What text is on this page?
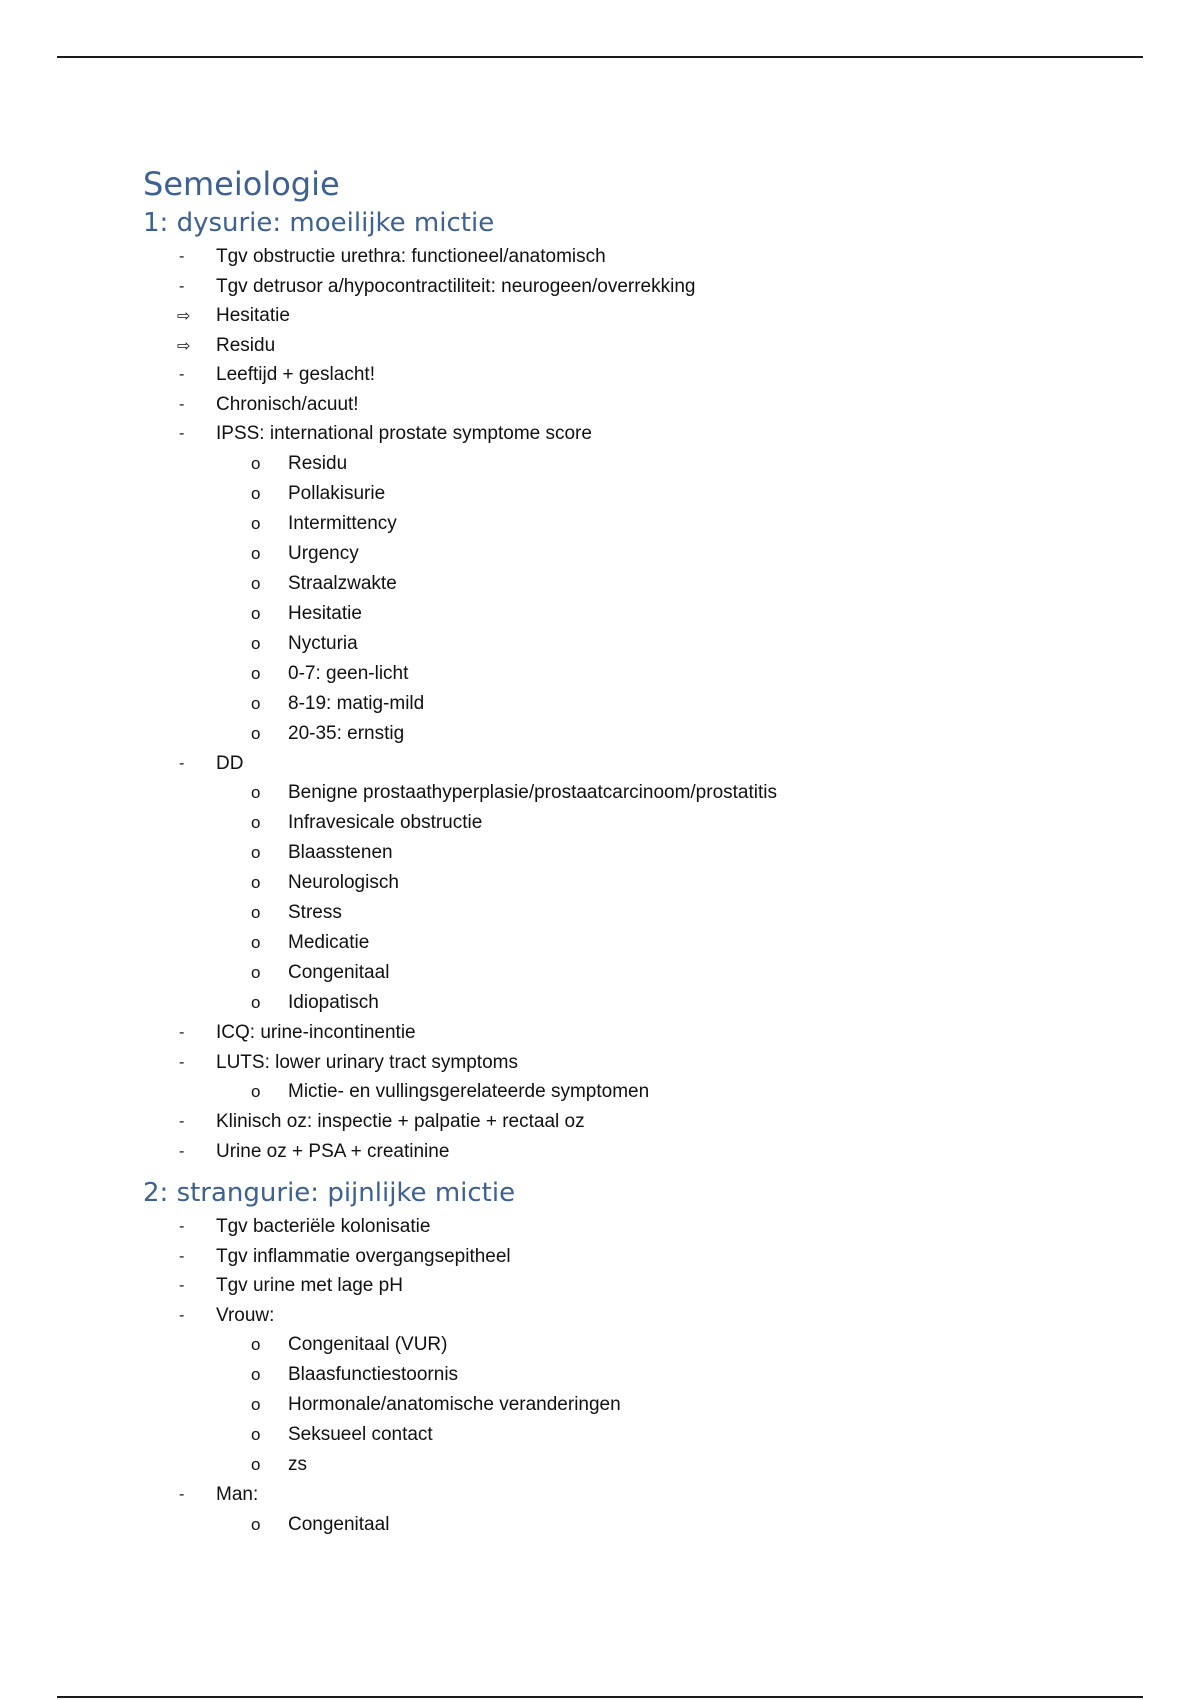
Semeiologie
1: dysurie: moeilijke mictie
-	Tgv obstructie urethra: functioneel/anatomisch
-	Tgv detrusor a/hypocontractiliteit: neurogeen/overrekking
⇨	Hesitatie
⇨	Residu
-	Leeftijd + geslacht!
-	Chronisch/acuut!
-	IPSS: international prostate symptome score
o	Residu
o	Pollakisurie
o	Intermittency
o	Urgency
o	Straalzwakte
o	Hesitatie
o	Nycturia
o	0-7: geen-licht
o	8-19: matig-mild
o	20-35: ernstig
-	DD
o	Benigne prostaathyperplasie/prostaatcarcinoom/prostatitis
o	Infravesicale obstructie
o	Blaasstenen
o	Neurologisch
o	Stress
o	Medicatie
o	Congenitaal
o	Idiopatisch
-	ICQ: urine-incontinentie
-	LUTS: lower urinary tract symptoms
o	Mictie- en vullingsgerelateerde symptomen
-	Klinisch oz: inspectie + palpatie + rectaal oz
-	Urine oz + PSA + creatinine
2: strangurie: pijnlijke mictie
-	Tgv bacteriële kolonisatie
-	Tgv inflammatie overgangsepitheel
-	Tgv urine met lage pH
-	Vrouw:
o	Congenitaal (VUR)
o	Blaasfunctiestoornis
o	Hormonale/anatomische veranderingen
o	Seksueel contact
o	zs
-	Man:
o	Congenitaal
